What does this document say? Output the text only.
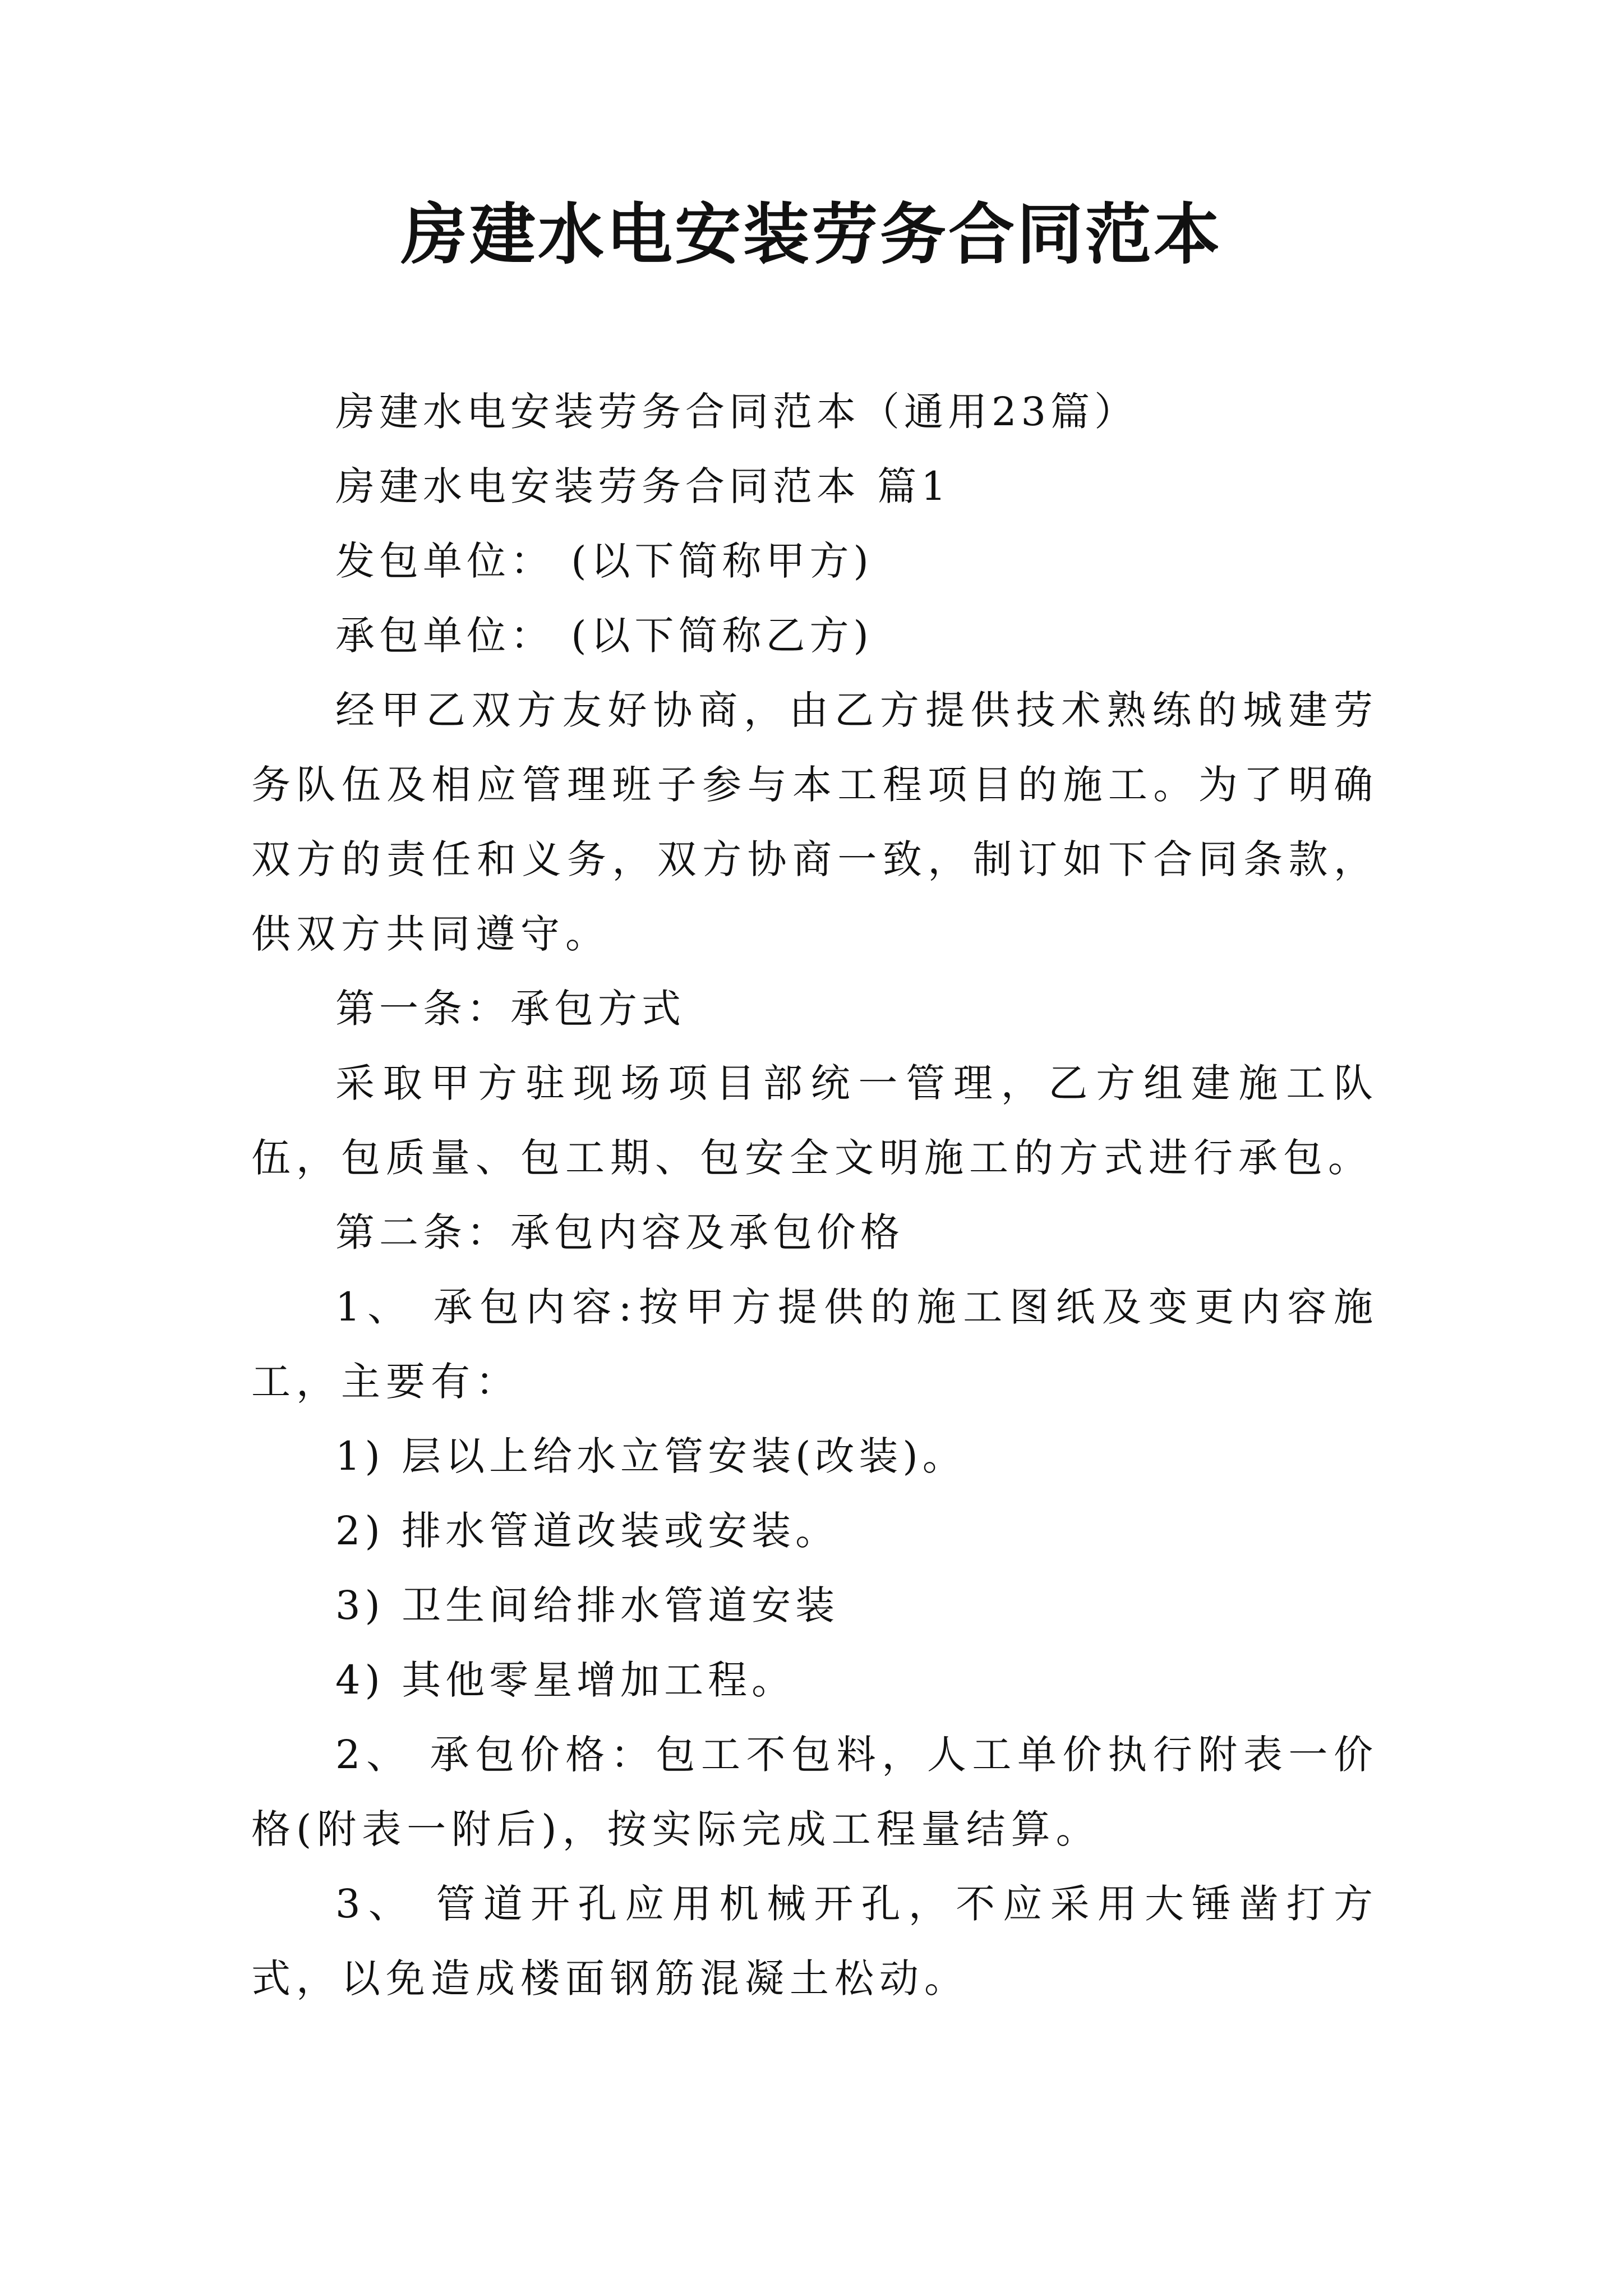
房建水电安装劳务合同范本

房建水电安装劳务合同范本（通用23篇）

房建水电安装劳务合同范本 篇1

发包单位： (以下简称甲方)

承包单位： (以下简称乙方)

经甲乙双方友好协商，由乙方提供技术熟练的城建劳务队伍及相应管理班子参与本工程项目的施工。为了明确双方的责任和义务，双方协商一致，制订如下合同条款，供双方共同遵守。

第一条：承包方式

采取甲方驻现场项目部统一管理，乙方组建施工队伍，包质量、包工期、包安全文明施工的方式进行承包。

第二条：承包内容及承包价格

1、 承包内容:按甲方提供的施工图纸及变更内容施工，主要有：

1) 层以上给水立管安装(改装)。

2) 排水管道改装或安装。

3) 卫生间给排水管道安装

4) 其他零星增加工程。

2、 承包价格：包工不包料，人工单价执行附表一价格(附表一附后)，按实际完成工程量结算。

3、 管道开孔应用机械开孔，不应采用大锤凿打方式，以免造成楼面钢筋混凝土松动。
